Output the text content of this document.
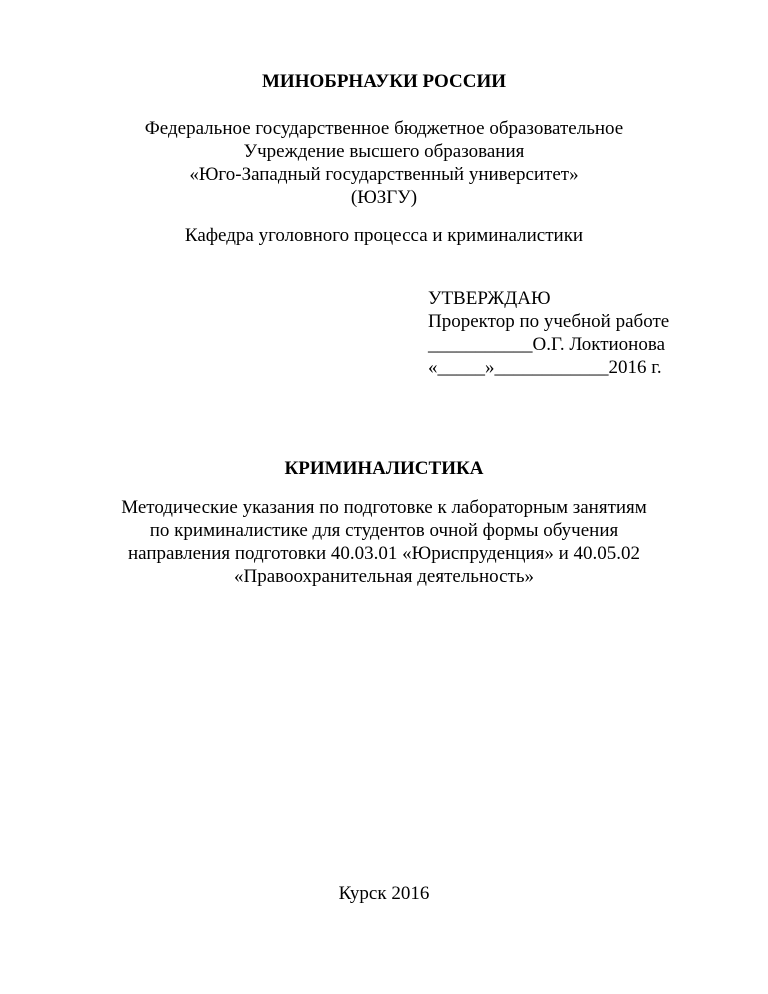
МИНОБРНАУКИ РОССИИ
Федеральное государственное бюджетное образовательное
Учреждение высшего образования
«Юго-Западный государственный университет»
(ЮЗГУ)
Кафедра уголовного процесса и криминалистики
УТВЕРЖДАЮ
Проректор по учебной работе
___________О.Г. Локтионова
«_____»____________2016 г.
КРИМИНАЛИСТИКА
Методические указания по подготовке к лабораторным занятиям
по криминалистике для студентов очной формы обучения
направления подготовки 40.03.01 «Юриспруденция» и 40.05.02
«Правоохранительная деятельность»
Курск 2016
